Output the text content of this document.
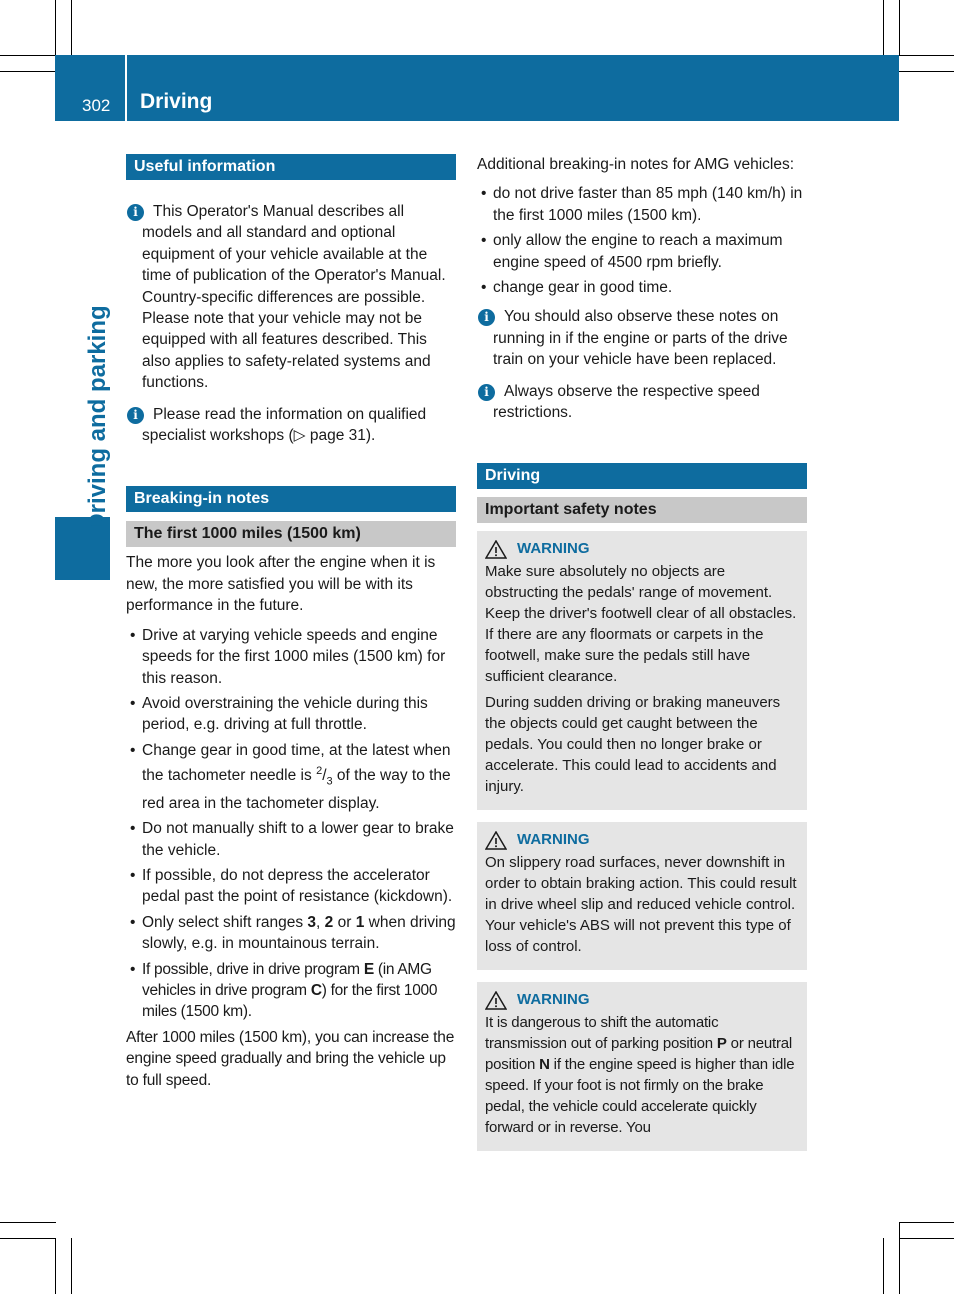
302 Driving
Driving and parking
Useful information
i This Operator's Manual describes all models and all standard and optional equipment of your vehicle available at the time of publication of the Operator's Manual. Country-specific differences are possible. Please note that your vehicle may not be equipped with all features described. This also applies to safety-related systems and functions.
i Please read the information on qualified specialist workshops (▷ page 31).
Breaking-in notes
The first 1000 miles (1500 km)

The more you look after the engine when it is new, the more satisfied you will be with its performance in the future.

• Drive at varying vehicle speeds and engine speeds for the first 1000 miles (1500 km) for this reason.
• Avoid overstraining the vehicle during this period, e.g. driving at full throttle.
• Change gear in good time, at the latest when the tachometer needle is $^2/_3$ of the way to the red area in the tachometer display.
• Do not manually shift to a lower gear to brake the vehicle.
• If possible, do not depress the accelerator pedal past the point of resistance (kickdown).
• Only select shift ranges 3, 2 or 1 when driving slowly, e.g. in mountainous terrain.
• If possible, drive in drive program E (in AMG vehicles in drive program C) for the first 1000 miles (1500 km).

After 1000 miles (1500 km), you can increase the engine speed gradually and bring the vehicle up to full speed.

Additional breaking-in notes for AMG vehicles:

• do not drive faster than 85 mph (140 km/h) in the first 1000 miles (1500 km).
• only allow the engine to reach a maximum engine speed of 4500 rpm briefly.
• change gear in good time.
i You should also observe these notes on running in if the engine or parts of the drive train on your vehicle have been replaced.
i Always observe the respective speed restrictions.
Driving
Important safety notes
WARNING

Make sure absolutely no objects are obstructing the pedals' range of movement. Keep the driver's footwell clear of all obstacles. If there are any floormats or carpets in the footwell, make sure the pedals still have sufficient clearance.

During sudden driving or braking maneuvers the objects could get caught between the pedals. You could then no longer brake or accelerate. This could lead to accidents and injury.

WARNING

On slippery road surfaces, never downshift in order to obtain braking action. This could result in drive wheel slip and reduced vehicle control. Your vehicle's ABS will not prevent this type of loss of control.

WARNING

It is dangerous to shift the automatic transmission out of parking position P or neutral position N if the engine speed is higher than idle speed. If your foot is not firmly on the brake pedal, the vehicle could accelerate quickly forward or in reverse. You
